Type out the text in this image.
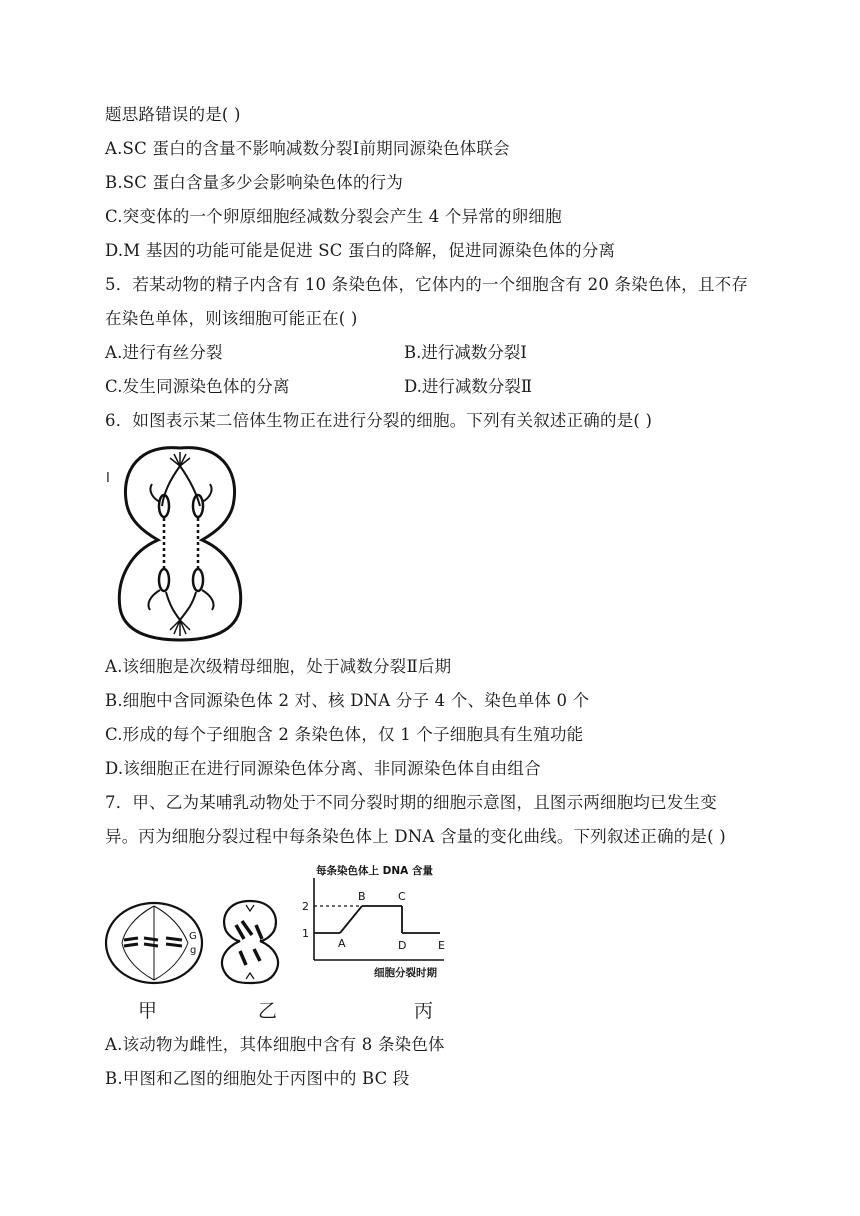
题思路错误的是( )
A.SC 蛋白的含量不影响减数分裂Ⅰ前期同源染色体联会
B.SC 蛋白含量多少会影响染色体的行为
C.突变体的一个卵原细胞经减数分裂会产生 4 个异常的卵细胞
D.M 基因的功能可能是促进 SC 蛋白的降解，促进同源染色体的分离
5．若某动物的精子内含有 10 条染色体，它体内的一个细胞含有 20 条染色体，且不存
在染色单体，则该细胞可能正在( )
A.进行有丝分裂	B.进行减数分裂Ⅰ
C.发生同源染色体的分离	D.进行减数分裂Ⅱ
6．如图表示某二倍体生物正在进行分裂的细胞。下列有关叙述正确的是( )
I
A.该细胞是次级精母细胞，处于减数分裂Ⅱ后期
B.细胞中含同源染色体 2 对、核 DNA 分子 4 个、染色单体 0 个
C.形成的每个子细胞含 2 条染色体，仅 1 个子细胞具有生殖功能
D.该细胞正在进行同源染色体分离、非同源染色体自由组合
7．甲、乙为某哺乳动物处于不同分裂时期的细胞示意图，且图示两细胞均已发生变
异。丙为细胞分裂过程中每条染色体上 DNA 含量的变化曲线。下列叙述正确的是( )
G
g
每条染色体上 DNA 含量
1
2
A
B	C
D	E
细胞分裂时期
甲	乙	丙
A.该动物为雌性，其体细胞中含有 8 条染色体
B.甲图和乙图的细胞处于丙图中的 BC 段
